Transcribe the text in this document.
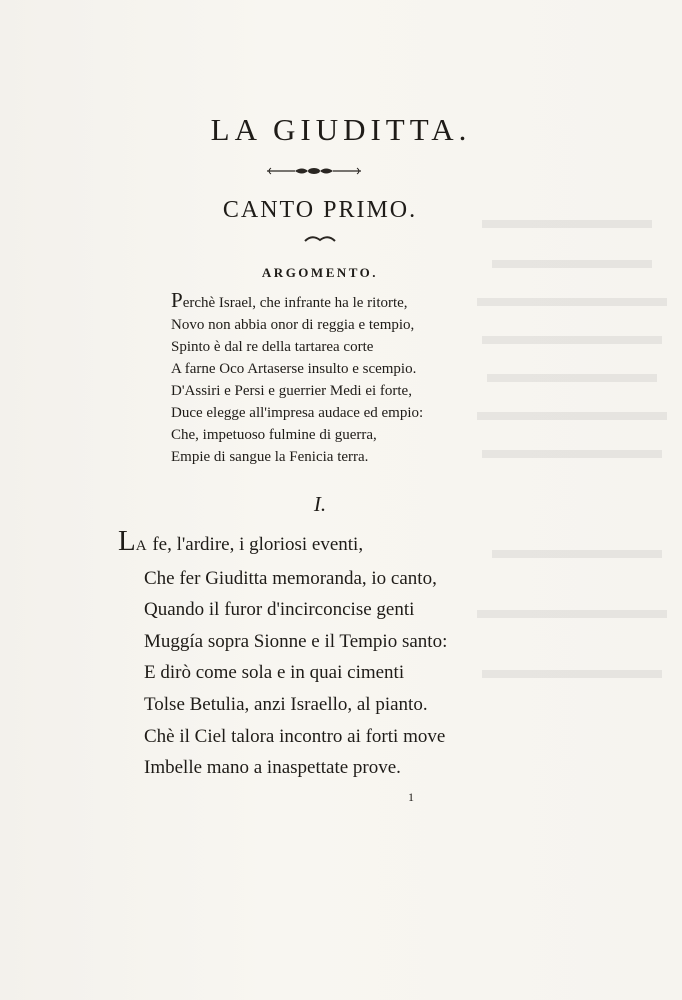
LA GIUDITTA.
CANTO PRIMO.
ARGOMENTO.
Perchè Israel, che infrante ha le ritorte,
Novo non abbia onor di reggia e tempio,
Spinto è dal re della tartarea corte
A farne Oco Artaserse insulto e scempio.
D'Assiri e Persi e guerrier Medi ei forte,
Duce elegge all'impresa audace ed empio:
Che, impetuoso fulmine di guerra,
Empie di sangue la Fenicia terra.
I.
LA fe, l'ardire, i gloriosi eventi,
Che fer Giuditta memoranda, io canto,
Quando il furor d'incirconcise genti
Muggía sopra Sionne e il Tempio santo:
E dirò come sola e in quai cimenti
Tolse Betulia, anzi Israello, al pianto.
Chè il Ciel talora incontro ai forti move
Imbelle mano a inaspettate prove.
1
